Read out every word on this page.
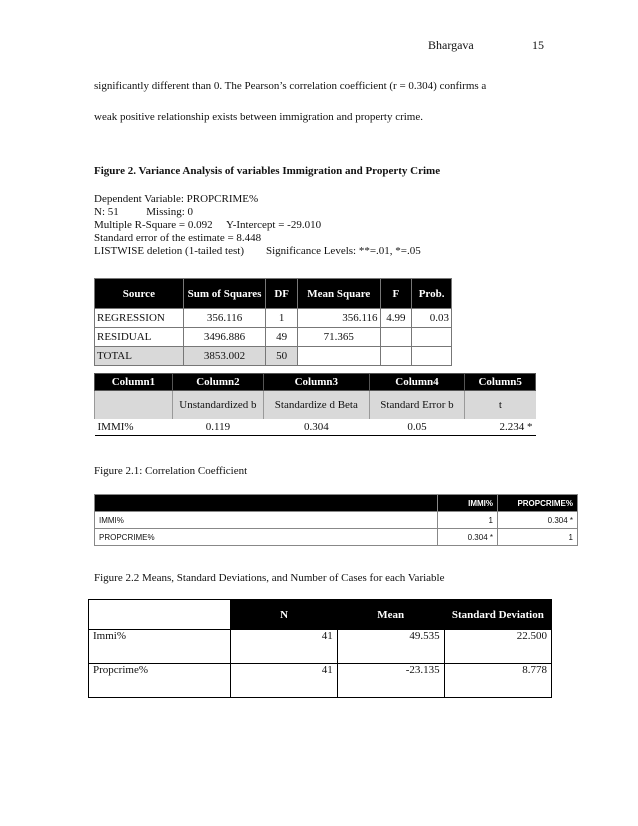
Bhargava	15
significantly different than 0. The Pearson’s correlation coefficient (r = 0.304) confirms a
weak positive relationship exists between immigration and property crime.
Figure 2. Variance Analysis of variables Immigration and Property Crime
Dependent Variable: PROPCRIME%
N: 51          Missing: 0
Multiple R-Square = 0.092     Y-Intercept = -29.010
Standard error of the estimate = 8.448
LISTWISE deletion (1-tailed test)        Significance Levels: **=.01, *=.05
Source	Sum of Squares	DF	Mean Square	F	Prob.
REGRESSION	356.116	1	356.116	4.99	0.03
RESIDUAL	3496.886	49	71.365		
TOTAL	3853.002	50			
Column1	Column2	Column3	Column4	Column5
	Unstandardized b	Standardize d Beta	Standard Error b	t
IMMI%	0.119	0.304	0.05	2.234 *
Figure 2.1: Correlation Coefficient
	IMMI%	PROPCRIME%
IMMI%	1	0.304 *
PROPCRIME%	0.304 *	1
Figure 2.2 Means, Standard Deviations, and Number of Cases for each Variable
	N	Mean	Standard Deviation
Immi%	41	49.535	22.500
Propcrime%	41	-23.135	8.778
